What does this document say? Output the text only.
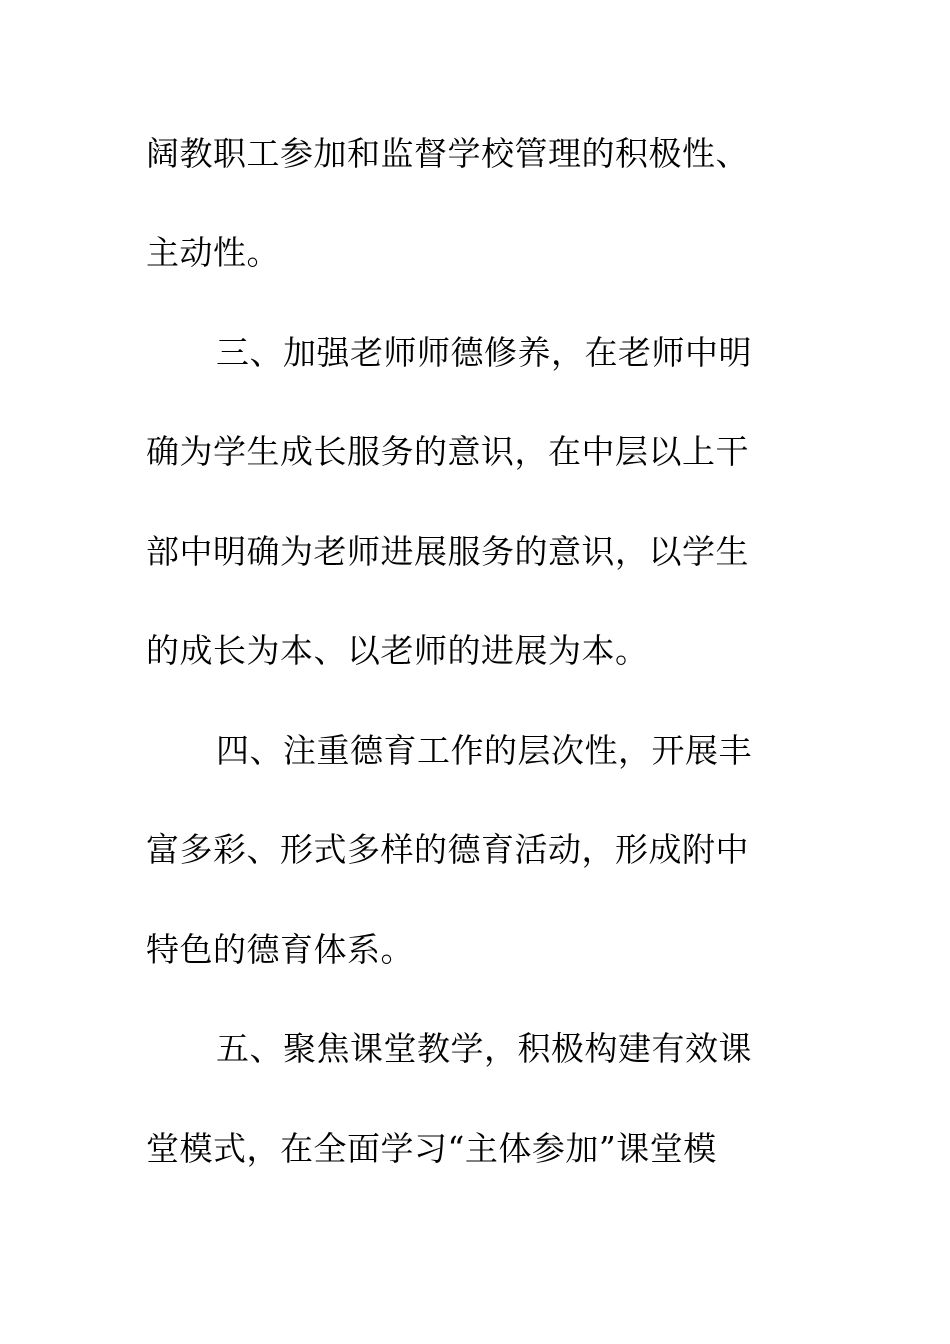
阔教职工参加和监督学校管理的积极性、
主动性。
三、加强老师师德修养，在老师中明
确为学生成长服务的意识，在中层以上干
部中明确为老师进展服务的意识，以学生
的成长为本、以老师的进展为本。
四、注重德育工作的层次性，开展丰
富多彩、形式多样的德育活动，形成附中
特色的德育体系。
五、聚焦课堂教学，积极构建有效课
堂模式，在全面学习“主体参加”课堂模
